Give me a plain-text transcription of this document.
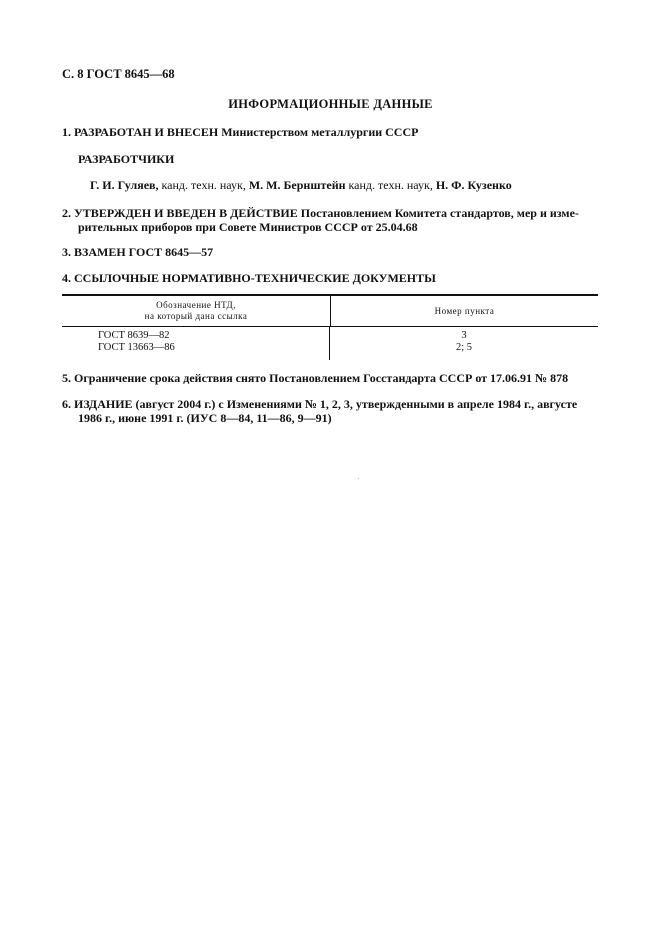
С. 8 ГОСТ 8645—68
ИНФОРМАЦИОННЫЕ ДАННЫЕ
1. РАЗРАБОТАН И ВНЕСЕН Министерством металлургии СССР
РАЗРАБОТЧИКИ
Г. И. Гуляев, канд. техн. наук, М. М. Бернштейн канд. техн. наук, Н. Ф. Кузенко
2. УТВЕРЖДЕН И ВВЕДЕН В ДЕЙСТВИЕ Постановлением Комитета стандартов, мер и изме-
рительных приборов при Совете Министров СССР от 25.04.68
3. ВЗАМЕН ГОСТ 8645—57
4. ССЫЛОЧНЫЕ НОРМАТИВНО-ТЕХНИЧЕСКИЕ ДОКУМЕНТЫ
Обозначение НТД,
на который дана ссылка
Номер пункта
ГОСТ 8639—82
ГОСТ 13663—86
3
2; 5
5. Ограничение срока действия снято Постановлением Госстандарта СССР от 17.06.91 № 878
6. ИЗДАНИЕ (август 2004 г.) с Изменениями № 1, 2, 3, утвержденными в апреле 1984 г., августе
1986 г., июне 1991 г. (ИУС 8—84, 11—86, 9—91)
